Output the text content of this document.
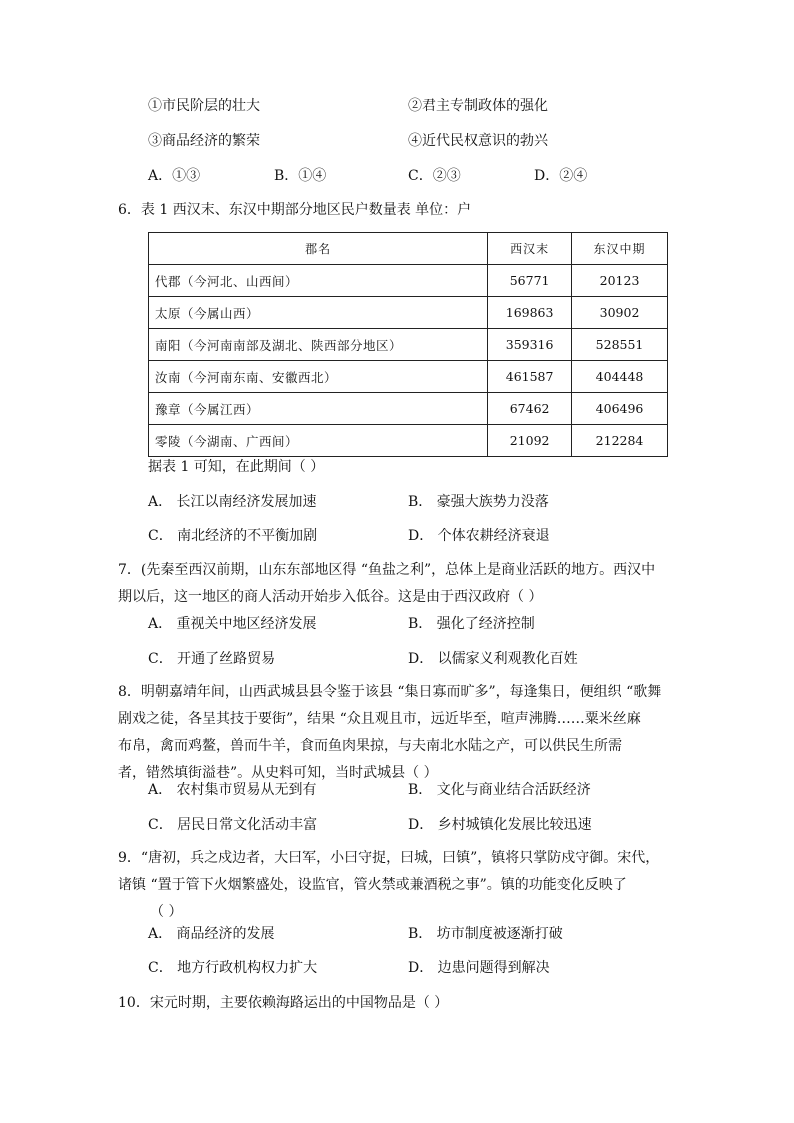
①市民阶层的壮大	②君主专制政体的强化
③商品经济的繁荣	④近代民权意识的勃兴
A．①③	B．①④	C．②③	D．②④
6．表 1 西汉末、东汉中期部分地区民户数量表 单位：户
郡名	西汉末	东汉中期
代郡（今河北、山西间）	56771	20123
太原（今属山西）	169863	30902
南阳（今河南南部及湖北、陕西部分地区）	359316	528551
汝南（今河南东南、安徽西北）	461587	404448
豫章（今属江西）	67462	406496
零陵（今湖南、广西间）	21092	212284
据表 1 可知，在此期间（ ）
A． 长江以南经济发展加速	B． 豪强大族势力没落
C． 南北经济的不平衡加剧	D． 个体农耕经济衰退

7．(先秦至西汉前期，山东东部地区得 “鱼盐之利”，总体上是商业活跃的地方。西汉中

期以后，这一地区的商人活动开始步入低谷。这是由于西汉政府（ ）

A． 重视关中地区经济发展	B． 强化了经济控制
C． 开通了丝路贸易	D． 以儒家义利观教化百姓

8．明朝嘉靖年间，山西武城县县令鉴于该县 “集日寡而旷多”，每逢集日，便组织 “歌舞

剧戏之徒，各呈其技于要街”，结果 “众且观且市，远近毕至，喧声沸腾……粟米丝麻

布帛，禽而鸡鳌，兽而牛羊，食而鱼肉果掠，与夫南北水陆之产，可以供民生所需

者，错然填街溢巷”。从史料可知，当时武城县（ ）

A． 农村集市贸易从无到有	B． 文化与商业结合活跃经济
C． 居民日常文化活动丰富	D． 乡村城镇化发展比较迅速

9．“唐初，兵之戍边者，大曰军，小曰守捉，曰城，曰镇”，镇将只掌防戍守御。宋代，

诸镇 “置于管下火烟繁盛处，设监官，管火禁或兼酒税之事”。镇的功能变化反映了

（ ）

A． 商品经济的发展	B． 坊市制度被逐渐打破
C． 地方行政机构权力扩大	D． 边患问题得到解决
10．宋元时期，主要依赖海路运出的中国物品是（ ）
